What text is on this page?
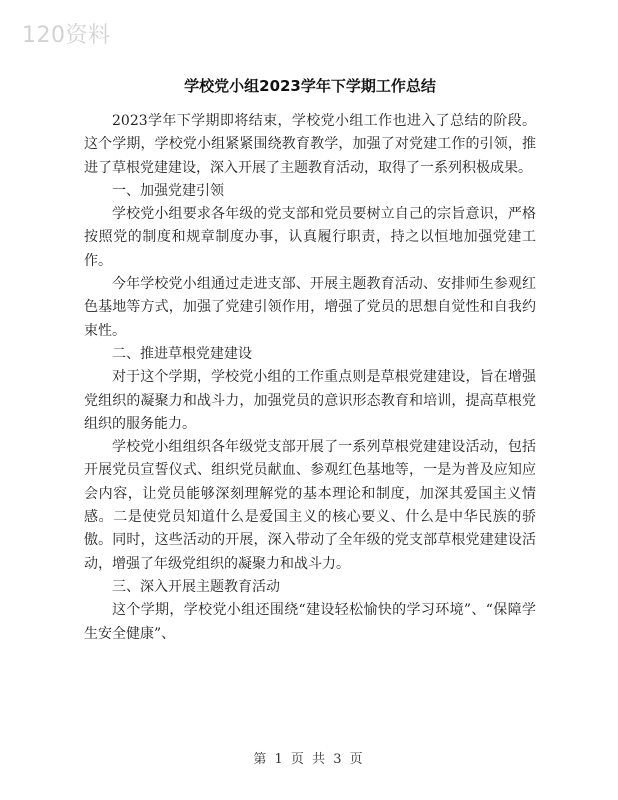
120资料
学校党小组2023学年下学期工作总结

2023学年下学期即将结束，学校党小组工作也进入了总结的阶段。这个学期，学校党小组紧紧围绕教育教学，加强了对党建工作的引领，推进了草根党建建设，深入开展了主题教育活动，取得了一系列积极成果。

一、加强党建引领

学校党小组要求各年级的党支部和党员要树立自己的宗旨意识，严格按照党的制度和规章制度办事，认真履行职责，持之以恒地加强党建工作。

今年学校党小组通过走进支部、开展主题教育活动、安排师生参观红色基地等方式，加强了党建引领作用，增强了党员的思想自觉性和自我约束性。

二、推进草根党建建设

对于这个学期，学校党小组的工作重点则是草根党建建设，旨在增强党组织的凝聚力和战斗力，加强党员的意识形态教育和培训，提高草根党组织的服务能力。

学校党小组组织各年级党支部开展了一系列草根党建建设活动，包括开展党员宣誓仪式、组织党员献血、参观红色基地等，一是为普及应知应会内容，让党员能够深刻理解党的基本理论和制度，加深其爱国主义情感。二是使党员知道什么是爱国主义的核心要义、什么是中华民族的骄傲。同时，这些活动的开展，深入带动了全年级的党支部草根党建建设活动，增强了年级党组织的凝聚力和战斗力。

三、深入开展主题教育活动

这个学期，学校党小组还围绕“建设轻松愉快的学习环境”、“保障学生安全健康”、

第 1 页 共 3 页
